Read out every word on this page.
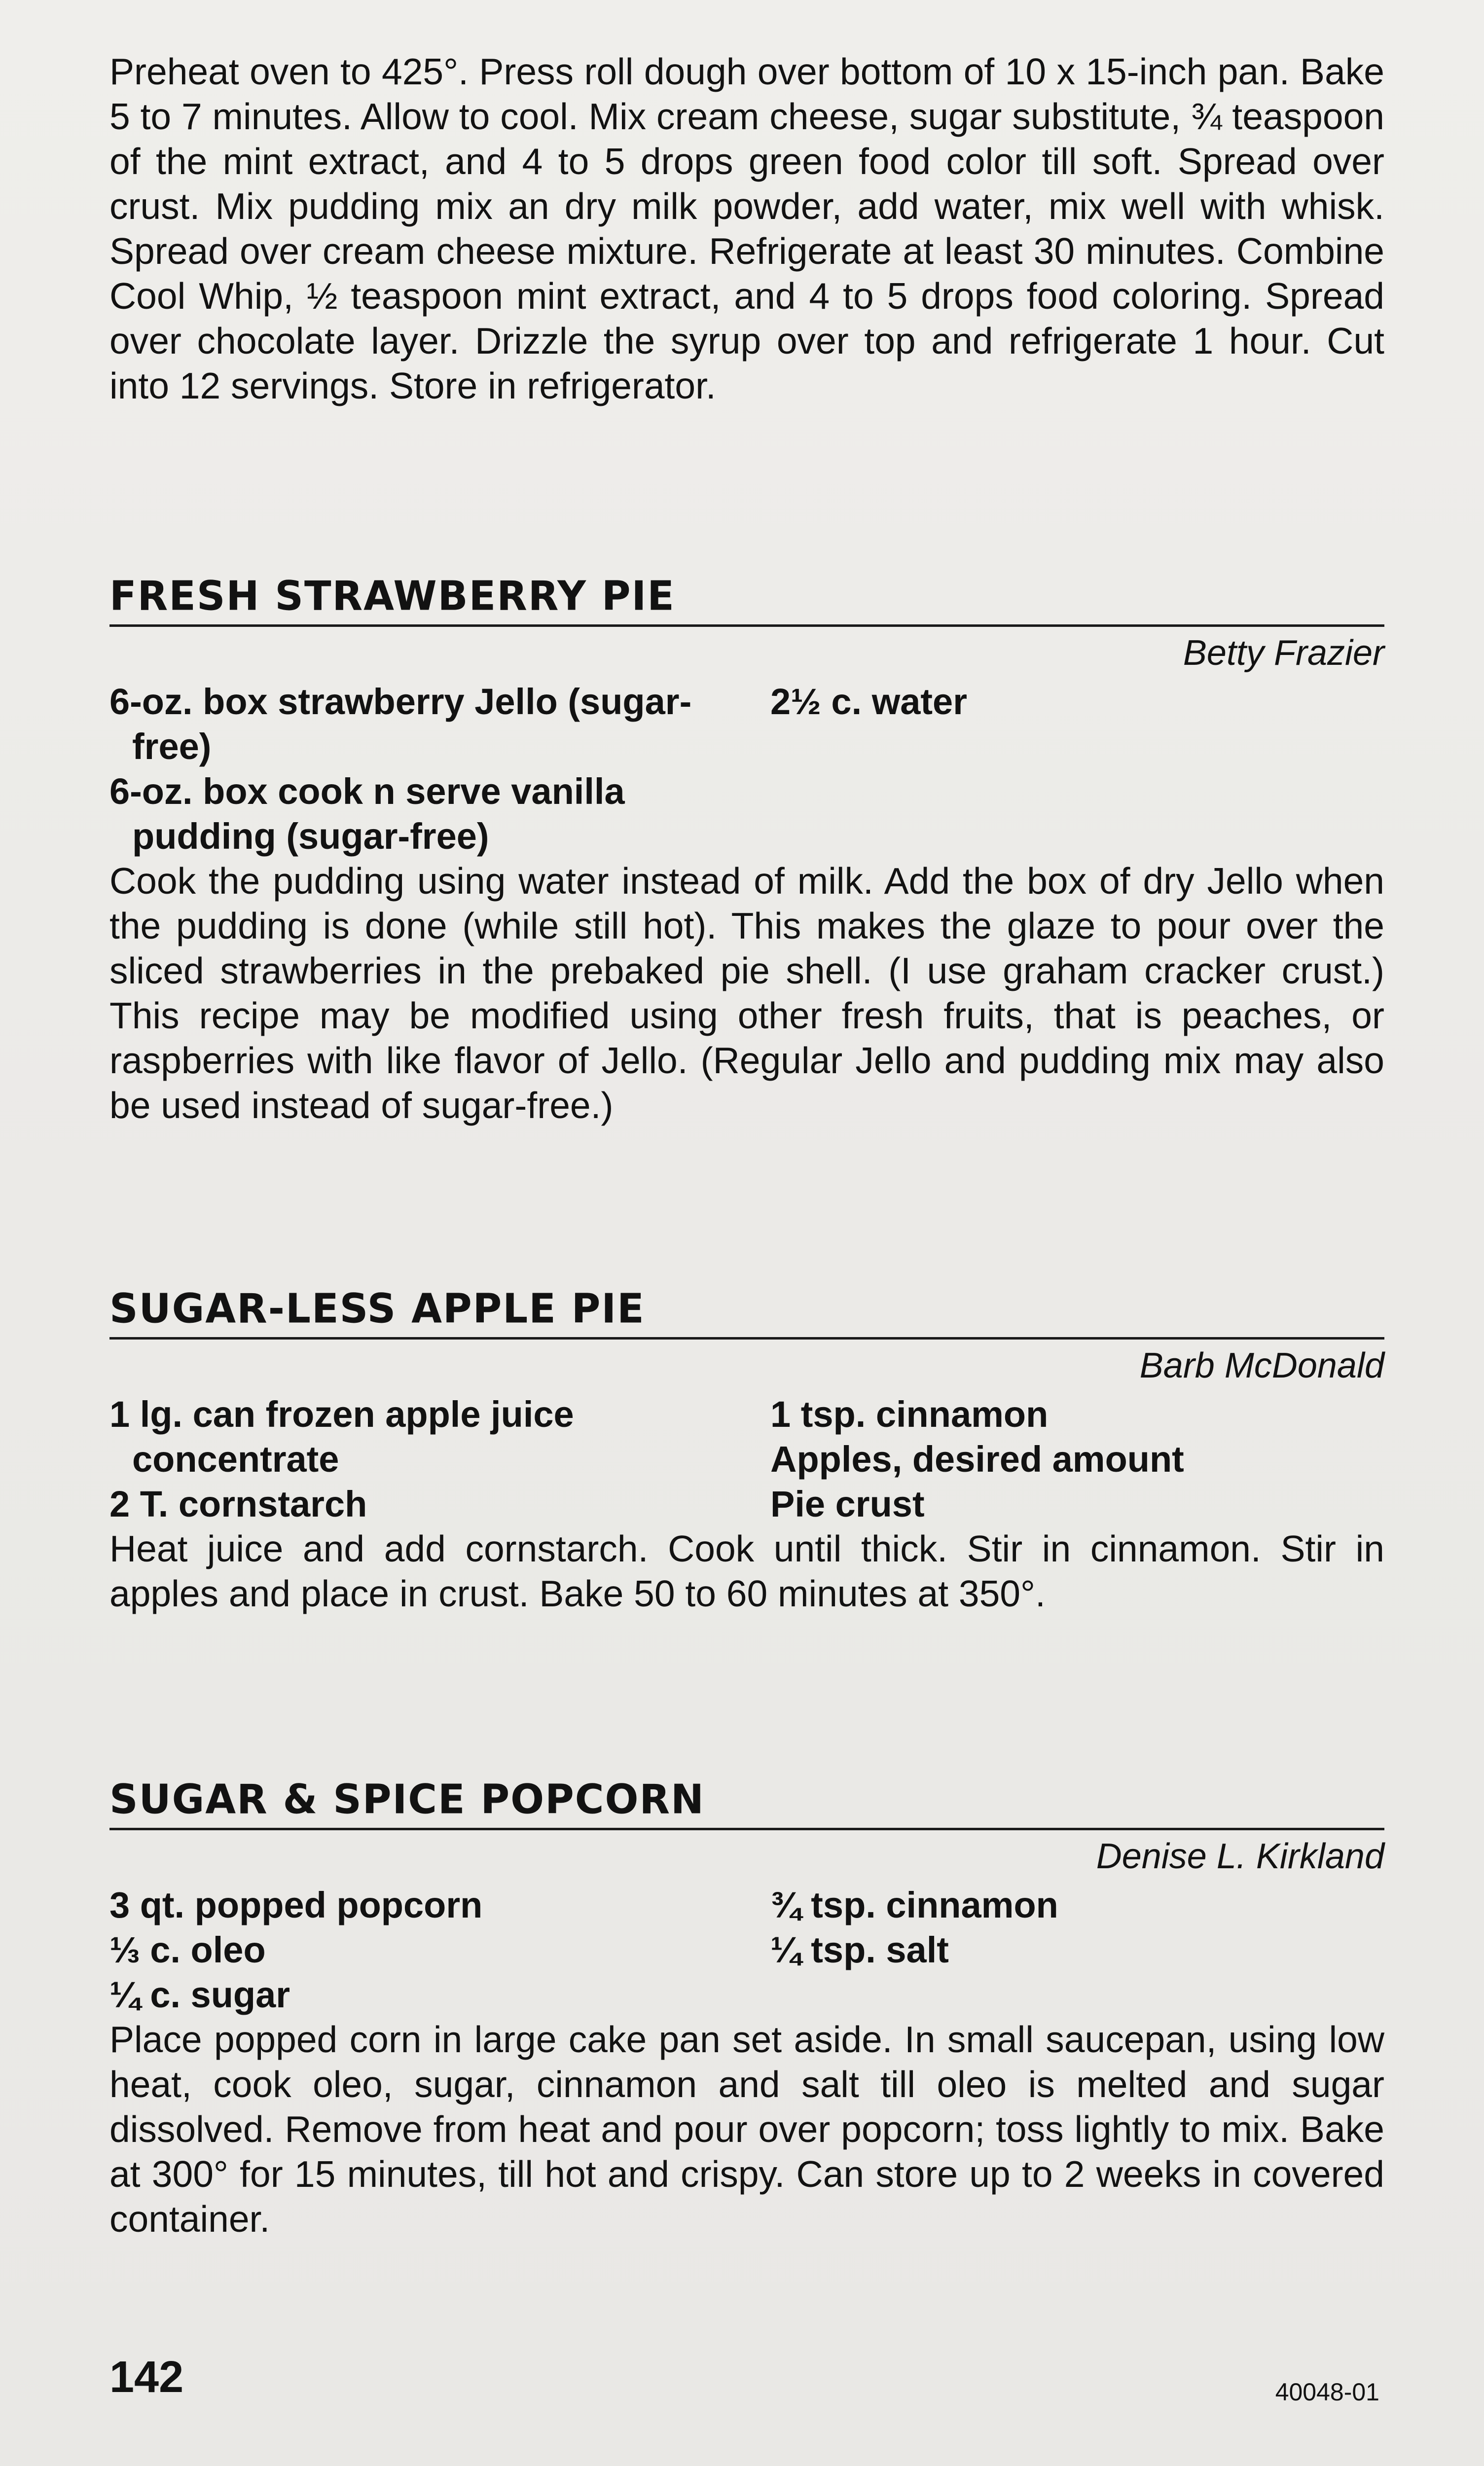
Preheat oven to 425°. Press roll dough over bottom of 10 x 15-inch pan. Bake 5 to 7 minutes. Allow to cool. Mix cream cheese, sugar substitute, ¾ teaspoon of the mint extract, and 4 to 5 drops green food color till soft. Spread over crust. Mix pudding mix an dry milk powder, add water, mix well with whisk. Spread over cream cheese mixture. Refrigerate at least 30 minutes. Combine Cool Whip, ½ teaspoon mint extract, and 4 to 5 drops food coloring. Spread over chocolate layer. Drizzle the syrup over top and refrigerate 1 hour. Cut into 12 servings. Store in refrigerator.

FRESH STRAWBERRY PIE

Betty Frazier

6-oz. box strawberry Jello (sugar-free)
6-oz. box cook n serve vanilla pudding (sugar-free)
2½ c. water

Cook the pudding using water instead of milk. Add the box of dry Jello when the pudding is done (while still hot). This makes the glaze to pour over the sliced strawberries in the prebaked pie shell. (I use graham cracker crust.) This recipe may be modified using other fresh fruits, that is peaches, or raspberries with like flavor of Jello. (Regular Jello and pudding mix may also be used instead of sugar-free.)

SUGAR-LESS APPLE PIE

Barb McDonald

1 lg. can frozen apple juice concentrate
2 T. cornstarch
1 tsp. cinnamon
Apples, desired amount
Pie crust

Heat juice and add cornstarch. Cook until thick. Stir in cinnamon. Stir in apples and place in crust. Bake 50 to 60 minutes at 350°.

SUGAR & SPICE POPCORN

Denise L. Kirkland

3 qt. popped popcorn
⅓ c. oleo
¼ c. sugar
¾ tsp. cinnamon
¼ tsp. salt

Place popped corn in large cake pan set aside. In small saucepan, using low heat, cook oleo, sugar, cinnamon and salt till oleo is melted and sugar dissolved. Remove from heat and pour over popcorn; toss lightly to mix. Bake at 300° for 15 minutes, till hot and crispy. Can store up to 2 weeks in covered container.

142	40048-01
